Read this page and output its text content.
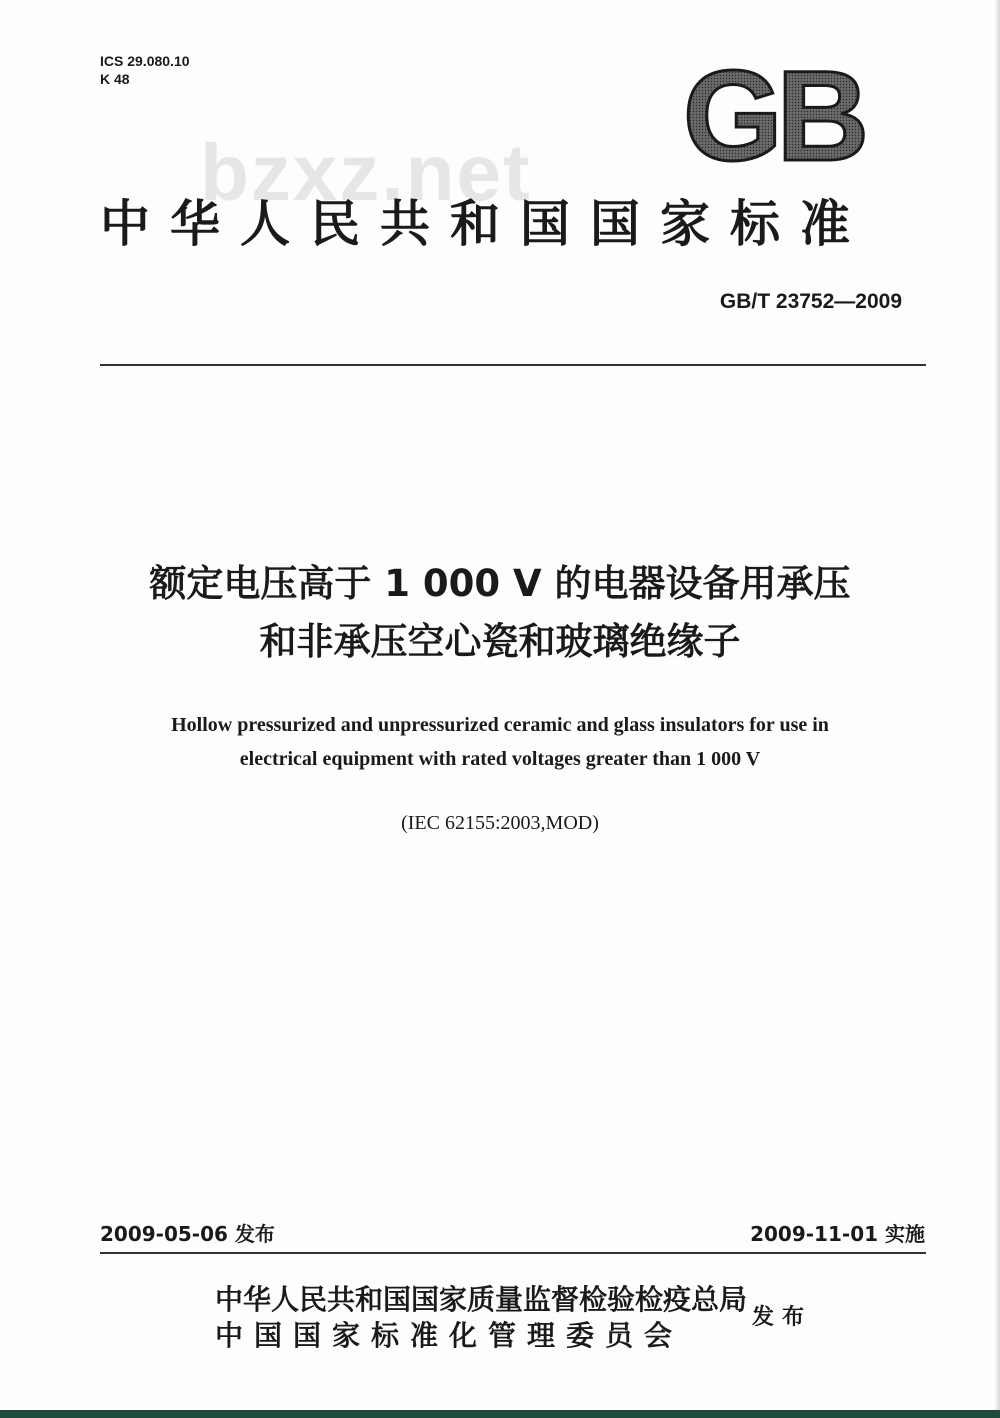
ICS 29.080.10
K 48	GB
bzxz.net
中华人民共和国国家标准
GB/T 23752—2009
额定电压高于 1 000 V 的电器设备用承压
和非承压空心瓷和玻璃绝缘子
Hollow pressurized and unpressurized ceramic and glass insulators for use in
electrical equipment with rated voltages greater than 1 000 V
(IEC 62155:2003,MOD)
2009-05-06 发布	2009-11-01 实施
中华人民共和国国家质量监督检验检疫总局
中国国家标准化管理委员会
发布
